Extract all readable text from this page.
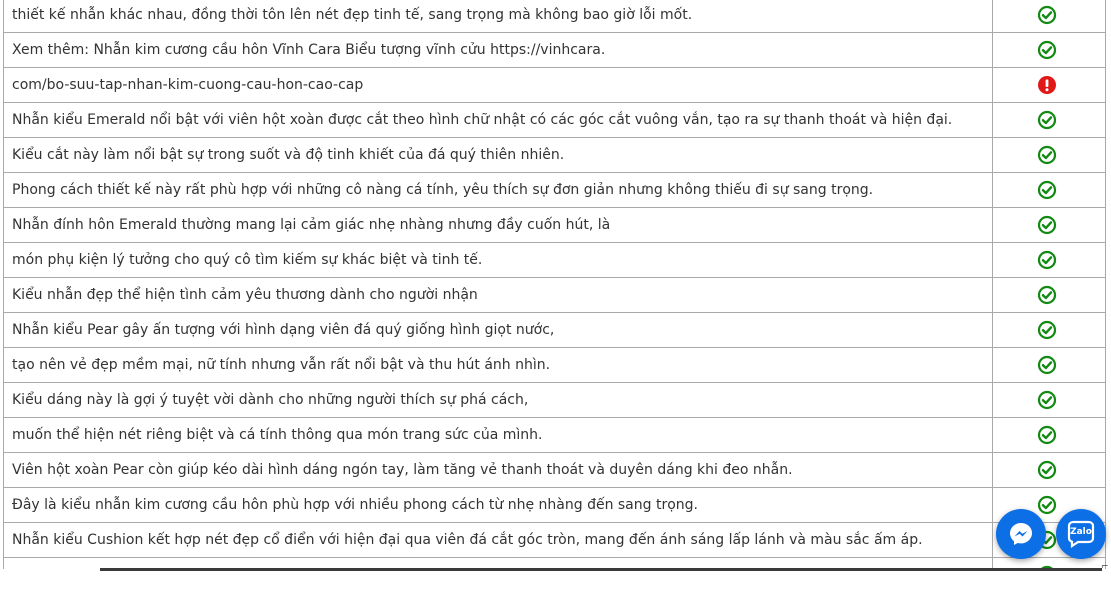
thiết kế nhẫn khác nhau, đồng thời tôn lên nét đẹp tinh tế, sang trọng mà không bao giờ lỗi mốt.	

Xem thêm: Nhẫn kim cương cầu hôn Vĩnh Cara Biểu tượng vĩnh cửu https://vinhcara.	

com/bo-suu-tap-nhan-kim-cuong-cau-hon-cao-cap	

Nhẫn kiểu Emerald nổi bật với viên hột xoàn được cắt theo hình chữ nhật có các góc cắt vuông vắn, tạo ra sự thanh thoát và hiện đại.	

Kiểu cắt này làm nổi bật sự trong suốt và độ tinh khiết của đá quý thiên nhiên.	

Phong cách thiết kế này rất phù hợp với những cô nàng cá tính, yêu thích sự đơn giản nhưng không thiếu đi sự sang trọng.	

Nhẫn đính hôn Emerald thường mang lại cảm giác nhẹ nhàng nhưng đầy cuốn hút, là	

món phụ kiện lý tưởng cho quý cô tìm kiếm sự khác biệt và tinh tế.	

Kiểu nhẫn đẹp thể hiện tình cảm yêu thương dành cho người nhận	

Nhẫn kiểu Pear gây ấn tượng với hình dạng viên đá quý giống hình giọt nước,	

tạo nên vẻ đẹp mềm mại, nữ tính nhưng vẫn rất nổi bật và thu hút ánh nhìn.	

Kiểu dáng này là gợi ý tuyệt vời dành cho những người thích sự phá cách,	

muốn thể hiện nét riêng biệt và cá tính thông qua món trang sức của mình.	

Viên hột xoàn Pear còn giúp kéo dài hình dáng ngón tay, làm tăng vẻ thanh thoát và duyên dáng khi đeo nhẫn.	

Đây là kiểu nhẫn kim cương cầu hôn phù hợp với nhiều phong cách từ nhẹ nhàng đến sang trọng.	

Nhẫn kiểu Cushion kết hợp nét đẹp cổ điển với hiện đại qua viên đá cắt góc tròn, mang đến ánh sáng lấp lánh và màu sắc ấm áp.	

⌐
Zalo
